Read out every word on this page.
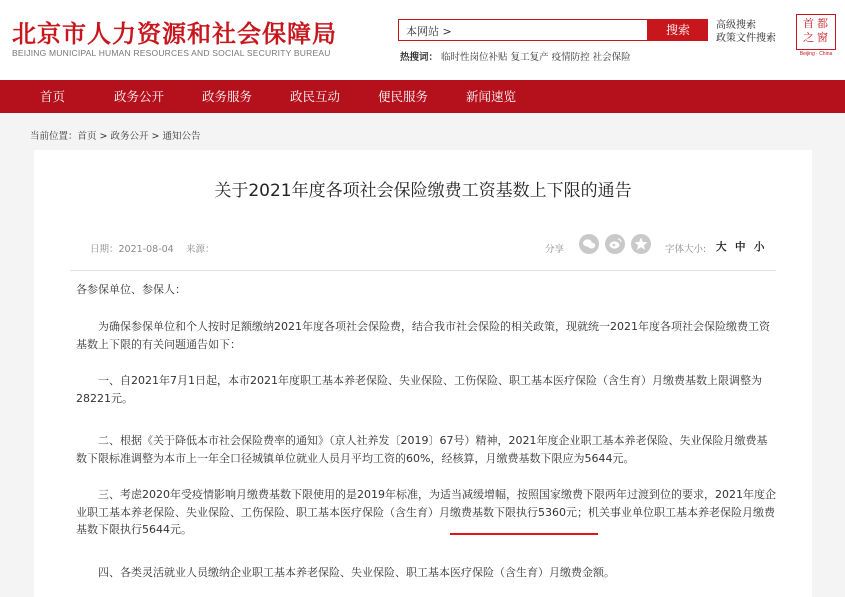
北京市人力资源和社会保障局
BEIJING MUNICIPAL HUMAN RESOURCES AND SOCIAL SECURITY BUREAU
本网站 >	搜索	高级搜索
政策文件搜索
热搜词： 临时性岗位补贴 复工复产 疫情防控 社会保险
首都之窗
Beijing · China
首页	政务公开	政务服务	政民互动	便民服务	新闻速览
当前位置：首页 > 政务公开 > 通知公告
关于2021年度各项社会保险缴费工资基数上下限的通告
日期：2021-08-04 来源：	分享	字体大小: 大 中 小

各参保单位、参保人：

为确保参保单位和个人按时足额缴纳2021年度各项社会保险费，结合我市社会保险的相关政策，现就统一2021年度各项社会保险缴费工资基数上下限的有关问题通告如下：

一、自2021年7月1日起，本市2021年度职工基本养老保险、失业保险、工伤保险、职工基本医疗保险（含生育）月缴费基数上限调整为28221元。

二、根据《关于降低本市社会保险费率的通知》（京人社养发〔2019〕67号）精神，2021年度企业职工基本养老保险、失业保险月缴费基数下限标准调整为本市上一年全口径城镇单位就业人员月平均工资的60%，经核算，月缴费基数下限应为5644元。

三、考虑2020年受疫情影响月缴费基数下限使用的是2019年标准，为适当减缓增幅，按照国家缴费下限两年过渡到位的要求，2021年度企业职工基本养老保险、失业保险、工伤保险、职工基本医疗保险（含生育）月缴费基数下限执行5360元；机关事业单位职工基本养老保险月缴费基数下限执行5644元。

四、各类灵活就业人员缴纳企业职工基本养老保险、失业保险、职工基本医疗保险（含生育）月缴费金额。
